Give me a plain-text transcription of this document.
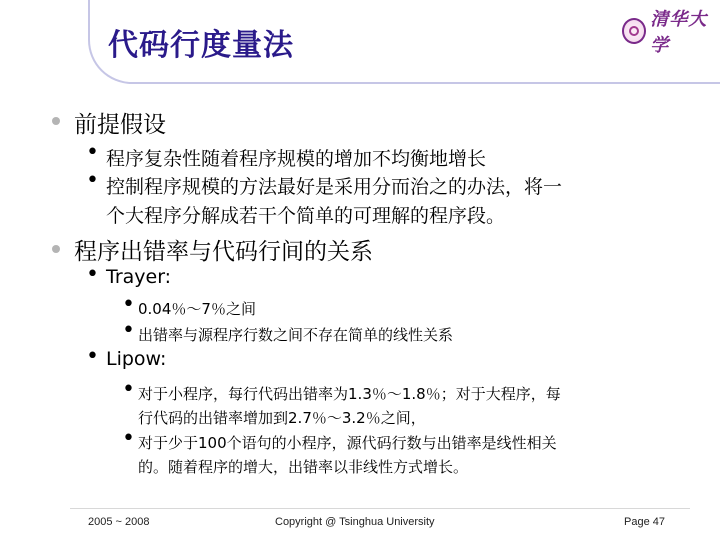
代码行度量法
清华大学
前提假设
• 程序复杂性随着程序规模的增加不均衡地增长
• 控制程序规模的方法最好是采用分而治之的办法，将一
个大程序分解成若干个简单的可理解的程序段。
程序出错率与代码行间的关系
• Trayer:
• 0.04％～7％之间
• 出错率与源程序行数之间不存在简单的线性关系
• Lipow:
• 对于小程序，每行代码出错率为1.3％～1.8％；对于大程序，每
行代码的出错率增加到2.7％～3.2％之间，
• 对于少于100个语句的小程序，源代码行数与出错率是线性相关
的。随着程序的增大，出错率以非线性方式增长。
2005 ~ 2008	Copyright @ Tsinghua University	Page 47
